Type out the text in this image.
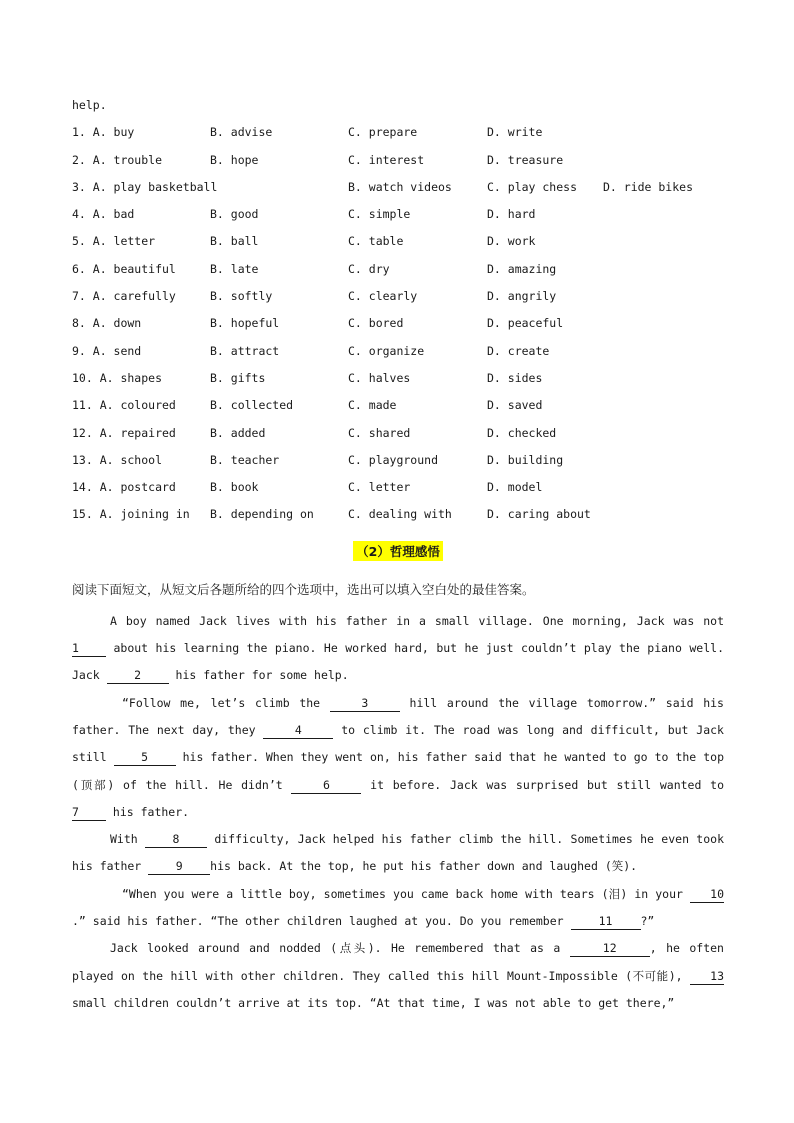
help.
1. A. buy	B. advise	C. prepare	D. write
2. A. trouble	B. hope	C. interest	D. treasure
3. A. play basketball	B. watch videos	C. play chess D. ride bikes
4. A. bad	B. good	C. simple	D. hard
5. A. letter	B. ball	C. table	D. work
6. A. beautiful	B. late	C. dry	D. amazing
7. A. carefully	B. softly	C. clearly	D. angrily
8. A. down	B. hopeful	C. bored	D. peaceful
9. A. send	B. attract	C. organize	D. create
10. A. shapes	B. gifts	C. halves	D. sides
11. A. coloured	B. collected	C. made	D. saved
12. A. repaired	B. added	C. shared	D. checked
13. A. school	B. teacher	C. playground	D. building
14. A. postcard	B. book	C. letter	D. model
15. A. joining in B. depending on	C. dealing with	D. caring about
（2）哲理感悟
阅读下面短文，从短文后各题所给的四个选项中，选出可以填入空白处的最佳答案。

A boy named Jack lives with his father in a small village. One morning, Jack was not 1 about his learning the piano. He worked hard, but he just couldn’t play the piano well. Jack 2 his father for some help.

“Follow me, let’s climb the	3	hill around the village tomorrow.” said his father. The next day, they	4	to climb it. The road was long and difficult, but Jack still 5 his father. When they went on, his father said that he wanted to go to the top (顶部) of the hill. He didn’t	6	it before. Jack was surprised but still wanted to 7 his father.

With 8 difficulty, Jack helped his father climb the hill. Sometimes he even took his father 9 his back. At the top, he put his father down and laughed (笑).

“When you were a little boy, sometimes you came back home with tears (泪) in your 10.” said his father. “The other children laughed at you. Do you remember 11 ?”

Jack looked around and nodded (点头). He remembered that as a	12	, he often played on the hill with other children. They called this hill Mount-Impossible (不可能), 13 small children couldn’t arrive at its top. “At that time, I was not able to get there,”
